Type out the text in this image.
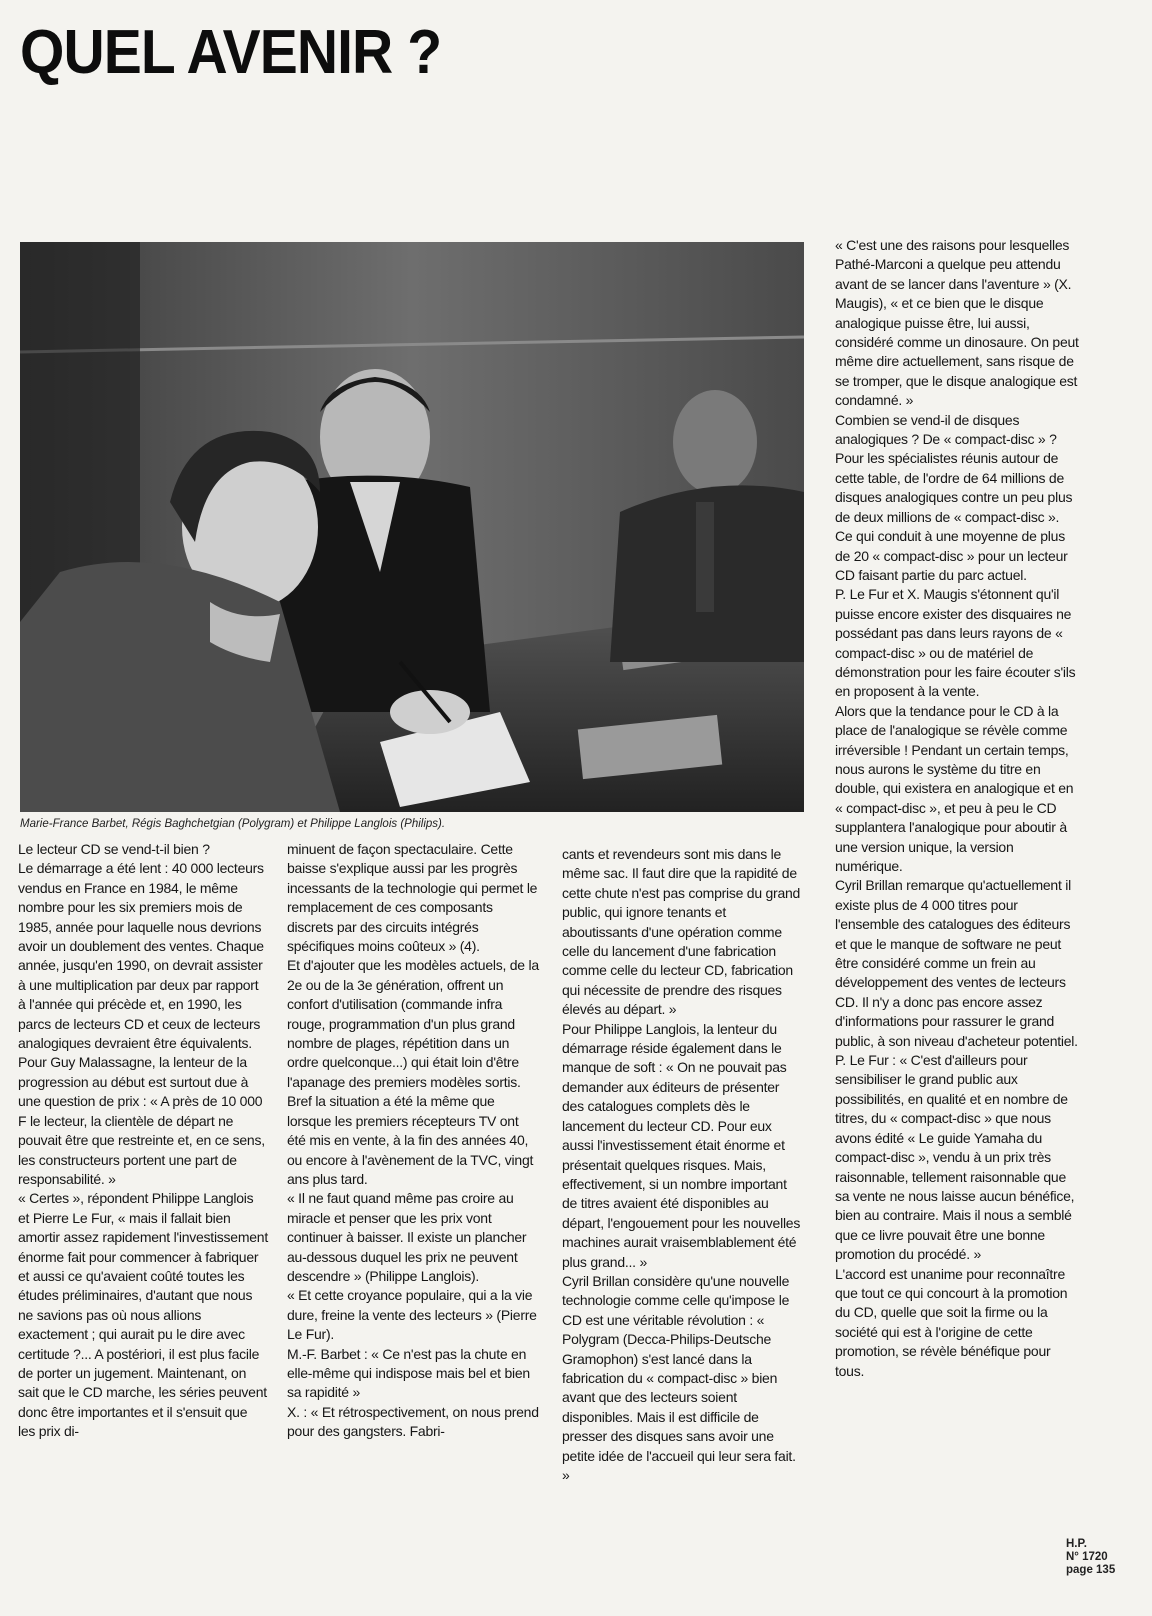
QUEL AVENIR ?
Marie-France Barbet, Régis Baghchetgian (Polygram) et Philippe Langlois (Philips).

Le lecteur CD se vend-t-il bien ?

Le démarrage a été lent : 40 000 lecteurs vendus en France en 1984, le même nombre pour les six premiers mois de 1985, année pour laquelle nous devrions avoir un doublement des ventes. Chaque année, jusqu'en 1990, on devrait assister à une multiplication par deux par rapport à l'année qui précède et, en 1990, les parcs de lecteurs CD et ceux de lecteurs analogiques devraient être équivalents.

Pour Guy Malassagne, la lenteur de la progression au début est surtout due à une question de prix : « A près de 10 000 F le lecteur, la clientèle de départ ne pouvait être que restreinte et, en ce sens, les constructeurs portent une part de responsabilité. »

« Certes », répondent Philippe Langlois et Pierre Le Fur, « mais il fallait bien amortir assez rapidement l'investissement énorme fait pour commencer à fabriquer et aussi ce qu'avaient coûté toutes les études préliminaires, d'autant que nous ne savions pas où nous allions exactement ; qui aurait pu le dire avec certitude ?... A postériori, il est plus facile de porter un jugement. Maintenant, on sait que le CD marche, les séries peuvent donc être importantes et il s'ensuit que les prix di-

minuent de façon spectaculaire. Cette baisse s'explique aussi par les progrès incessants de la technologie qui permet le remplacement de ces composants discrets par des circuits intégrés spécifiques moins coûteux » (4).

Et d'ajouter que les modèles actuels, de la 2e ou de la 3e génération, offrent un confort d'utilisation (commande infra rouge, programmation d'un plus grand nombre de plages, répétition dans un ordre quelconque...) qui était loin d'être l'apanage des premiers modèles sortis.

Bref la situation a été la même que lorsque les premiers récepteurs TV ont été mis en vente, à la fin des années 40, ou encore à l'avènement de la TVC, vingt ans plus tard.

« Il ne faut quand même pas croire au miracle et penser que les prix vont continuer à baisser. Il existe un plancher au-dessous duquel les prix ne peuvent descendre » (Philippe Langlois).

« Et cette croyance populaire, qui a la vie dure, freine la vente des lecteurs » (Pierre Le Fur).

M.-F. Barbet : « Ce n'est pas la chute en elle-même qui indispose mais bel et bien sa rapidité »

X. : « Et rétrospectivement, on nous prend pour des gangsters. Fabri-

cants et revendeurs sont mis dans le même sac. Il faut dire que la rapidité de cette chute n'est pas comprise du grand public, qui ignore tenants et aboutissants d'une opération comme celle du lancement d'une fabrication comme celle du lecteur CD, fabrication qui nécessite de prendre des risques élevés au départ. »

Pour Philippe Langlois, la lenteur du démarrage réside également dans le manque de soft : « On ne pouvait pas demander aux éditeurs de présenter des catalogues complets dès le lancement du lecteur CD. Pour eux aussi l'investissement était énorme et présentait quelques risques. Mais, effectivement, si un nombre important de titres avaient été disponibles au départ, l'engouement pour les nouvelles machines aurait vraisemblablement été plus grand... »

Cyril Brillan considère qu'une nouvelle technologie comme celle qu'impose le CD est une véritable révolution : « Polygram (Decca-Philips-Deutsche Gramophon) s'est lancé dans la fabrication du « compact-disc » bien avant que des lecteurs soient disponibles. Mais il est difficile de presser des disques sans avoir une petite idée de l'accueil qui leur sera fait. »

« C'est une des raisons pour lesquelles Pathé-Marconi a quelque peu attendu avant de se lancer dans l'aventure » (X. Maugis), « et ce bien que le disque analogique puisse être, lui aussi, considéré comme un dinosaure. On peut même dire actuellement, sans risque de se tromper, que le disque analogique est condamné. »

Combien se vend-il de disques analogiques ? De « compact-disc » ? Pour les spécialistes réunis autour de cette table, de l'ordre de 64 millions de disques analogiques contre un peu plus de deux millions de « compact-disc ». Ce qui conduit à une moyenne de plus de 20 « compact-disc » pour un lecteur CD faisant partie du parc actuel.

P. Le Fur et X. Maugis s'étonnent qu'il puisse encore exister des disquaires ne possédant pas dans leurs rayons de « compact-disc » ou de matériel de démonstration pour les faire écouter s'ils en proposent à la vente.

Alors que la tendance pour le CD à la place de l'analogique se révèle comme irréversible ! Pendant un certain temps, nous aurons le système du titre en double, qui existera en analogique et en « compact-disc », et peu à peu le CD supplantera l'analogique pour aboutir à une version unique, la version numérique.

Cyril Brillan remarque qu'actuellement il existe plus de 4 000 titres pour l'ensemble des catalogues des éditeurs et que le manque de software ne peut être considéré comme un frein au développement des ventes de lecteurs CD. Il n'y a donc pas encore assez d'informations pour rassurer le grand public, à son niveau d'acheteur potentiel.

P. Le Fur : « C'est d'ailleurs pour sensibiliser le grand public aux possibilités, en qualité et en nombre de titres, du « compact-disc » que nous avons édité « Le guide Yamaha du compact-disc », vendu à un prix très raisonnable, tellement raisonnable que sa vente ne nous laisse aucun bénéfice, bien au contraire. Mais il nous a semblé que ce livre pouvait être une bonne promotion du procédé. »

L'accord est unanime pour reconnaître que tout ce qui concourt à la promotion du CD, quelle que soit la firme ou la société qui est à l'origine de cette promotion, se révèle bénéfique pour tous.

H.P.
N° 1720
page 135
